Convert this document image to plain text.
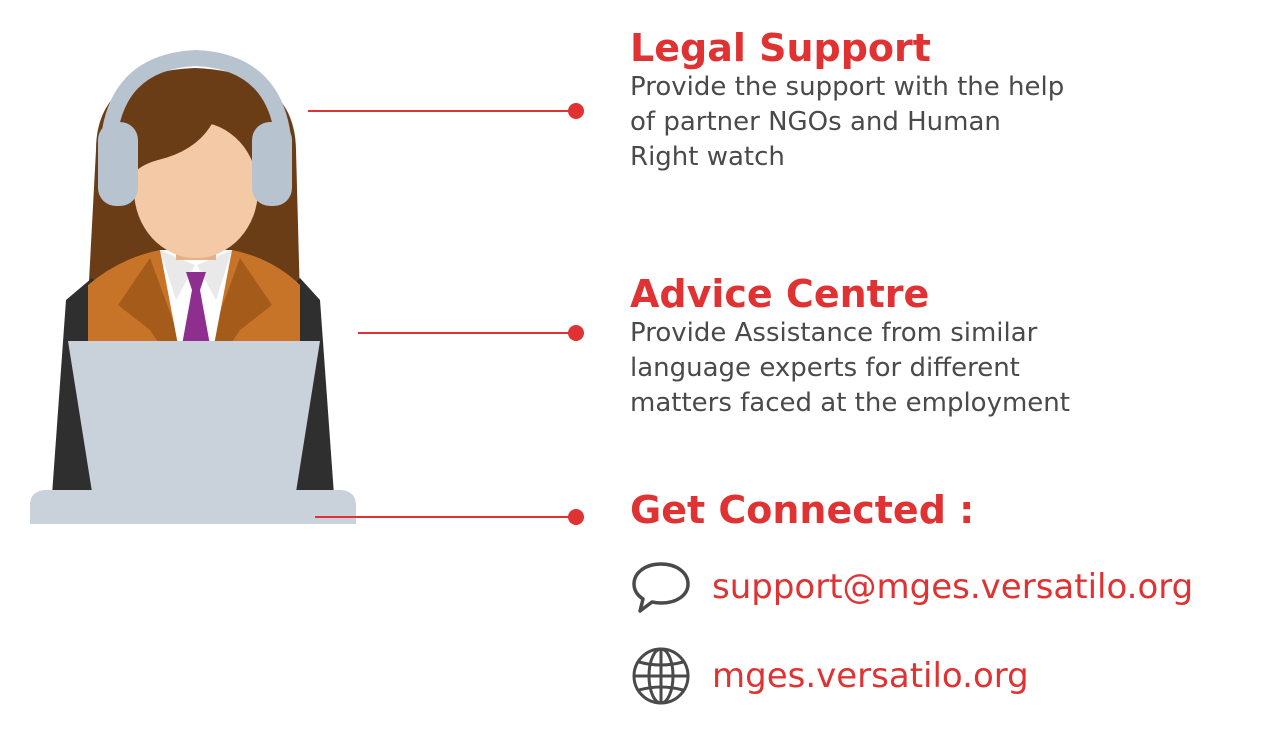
Legal Support

Provide the support with the help

of partner NGOs and Human

Right watch

Advice Centre

Provide Assistance from similar

language experts for different

matters faced at the employment

Get Connected :
support@mges.versatilo.org
mges.versatilo.org
